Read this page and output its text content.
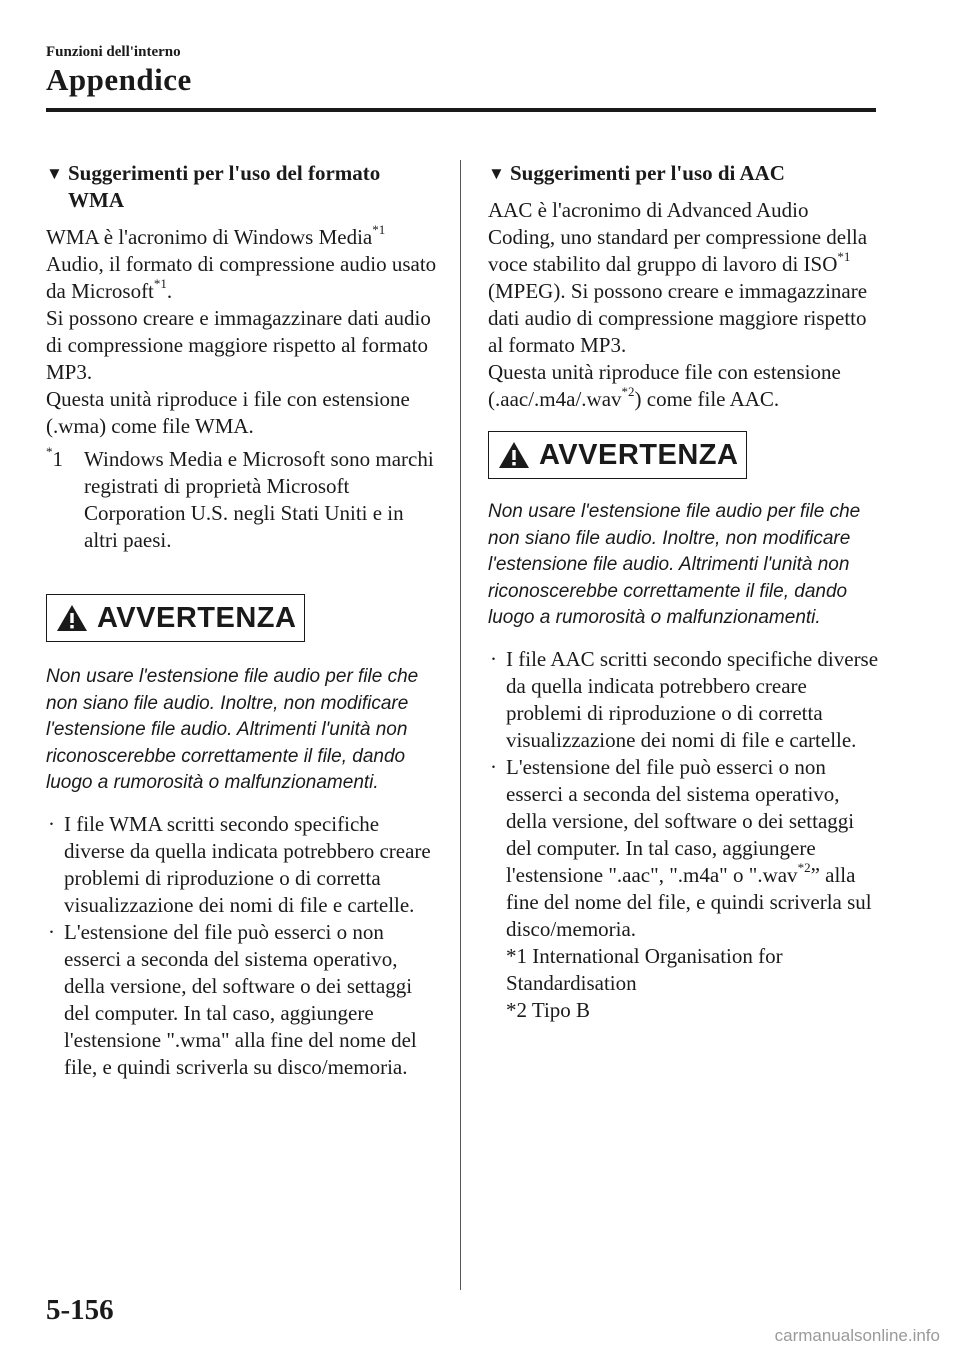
Funzioni dell'interno
Appendice
▼ Suggerimenti per l'uso del formato WMA

WMA è l'acronimo di Windows Media$^{*1}$ Audio, il formato di compressione audio usato da Microsoft$^{*1}$.

Si possono creare e immagazzinare dati audio di compressione maggiore rispetto al formato MP3.

Questa unità riproduce i file con estensione (.wma) come file WMA.

*1	Windows Media e Microsoft sono marchi registrati di proprietà Microsoft Corporation U.S. negli Stati Uniti e in altri paesi.
AVVERTENZA

Non usare l'estensione file audio per file che non siano file audio. Inoltre, non modificare l'estensione file audio. Altrimenti l'unità non riconoscerebbe correttamente il file, dando luogo a rumorosità o malfunzionamenti.

· I file WMA scritti secondo specifiche diverse da quella indicata potrebbero creare problemi di riproduzione o di corretta visualizzazione dei nomi di file e cartelle.
· L'estensione del file può esserci o non esserci a seconda del sistema operativo, della versione, del software o dei settaggi del computer. In tal caso, aggiungere l'estensione ".wma" alla fine del nome del file, e quindi scriverla su disco/memoria.
▼ Suggerimenti per l'uso di AAC

AAC è l'acronimo di Advanced Audio Coding, uno standard per compressione della voce stabilito dal gruppo di lavoro di ISO$^{*1}$ (MPEG). Si possono creare e immagazzinare dati audio di compressione maggiore rispetto al formato MP3.

Questa unità riproduce file con estensione (.aac/.m4a/.wav$^{*2}$) come file AAC.

AVVERTENZA

Non usare l'estensione file audio per file che non siano file audio. Inoltre, non modificare l'estensione file audio. Altrimenti l'unità non riconoscerebbe correttamente il file, dando luogo a rumorosità o malfunzionamenti.

· I file AAC scritti secondo specifiche diverse da quella indicata potrebbero creare problemi di riproduzione o di corretta visualizzazione dei nomi di file e cartelle.
· L'estensione del file può esserci o non esserci a seconda del sistema operativo, della versione, del software o dei settaggi del computer. In tal caso, aggiungere l'estensione ".aac", ".m4a" o ".wav$^{*2}$” alla fine del nome del file, e quindi scriverla sul disco/memoria.
*1 International Organisation for Standardisation
*2 Tipo B
5-156
carmanualsonline.info
